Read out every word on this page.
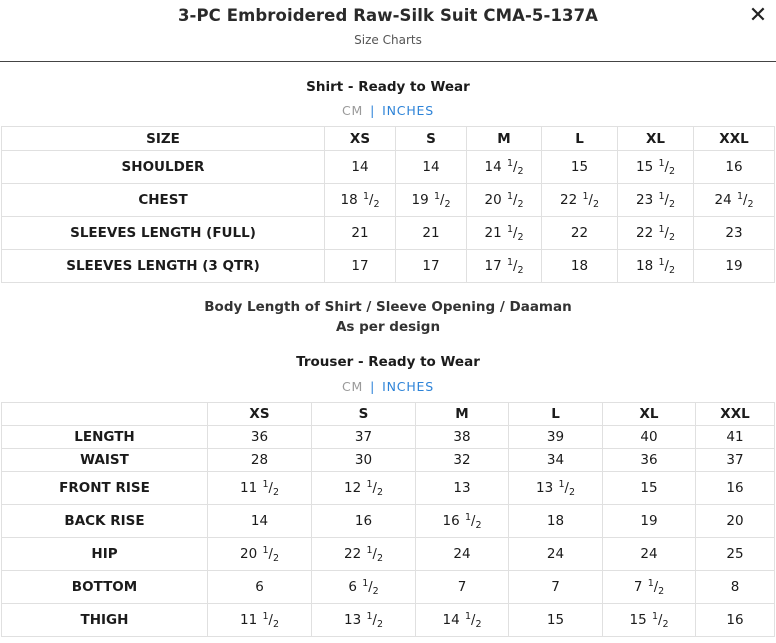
3-PC Embroidered Raw-Silk Suit CMA-5-137A
Size Charts
✕
Shirt - Ready to Wear
CM | INCHES
SIZE	XS	S	M	L	XL	XXL
SHOULDER	14	14	14 $^1/_2$	15	15 $^1/_2$	16
CHEST	18 $^1/_2$	19 $^1/_2$	20 $^1/_2$	22 $^1/_2$	23 $^1/_2$	24 $^1/_2$
SLEEVES LENGTH (FULL)	21	21	21 $^1/_2$	22	22 $^1/_2$	23
SLEEVES LENGTH (3 QTR)	17	17	17 $^1/_2$	18	18 $^1/_2$	19
Body Length of Shirt / Sleeve Opening / Daaman
As per design
Trouser - Ready to Wear
CM | INCHES
	XS	S	M	L	XL	XXL
LENGTH	36	37	38	39	40	41
WAIST	28	30	32	34	36	37
FRONT RISE	11 $^1/_2$	12 $^1/_2$	13	13 $^1/_2$	15	16
BACK RISE	14	16	16 $^1/_2$	18	19	20
HIP	20 $^1/_2$	22 $^1/_2$	24	24	24	25
BOTTOM	6	6 $^1/_2$	7	7	7 $^1/_2$	8
THIGH	11 $^1/_2$	13 $^1/_2$	14 $^1/_2$	15	15 $^1/_2$	16
